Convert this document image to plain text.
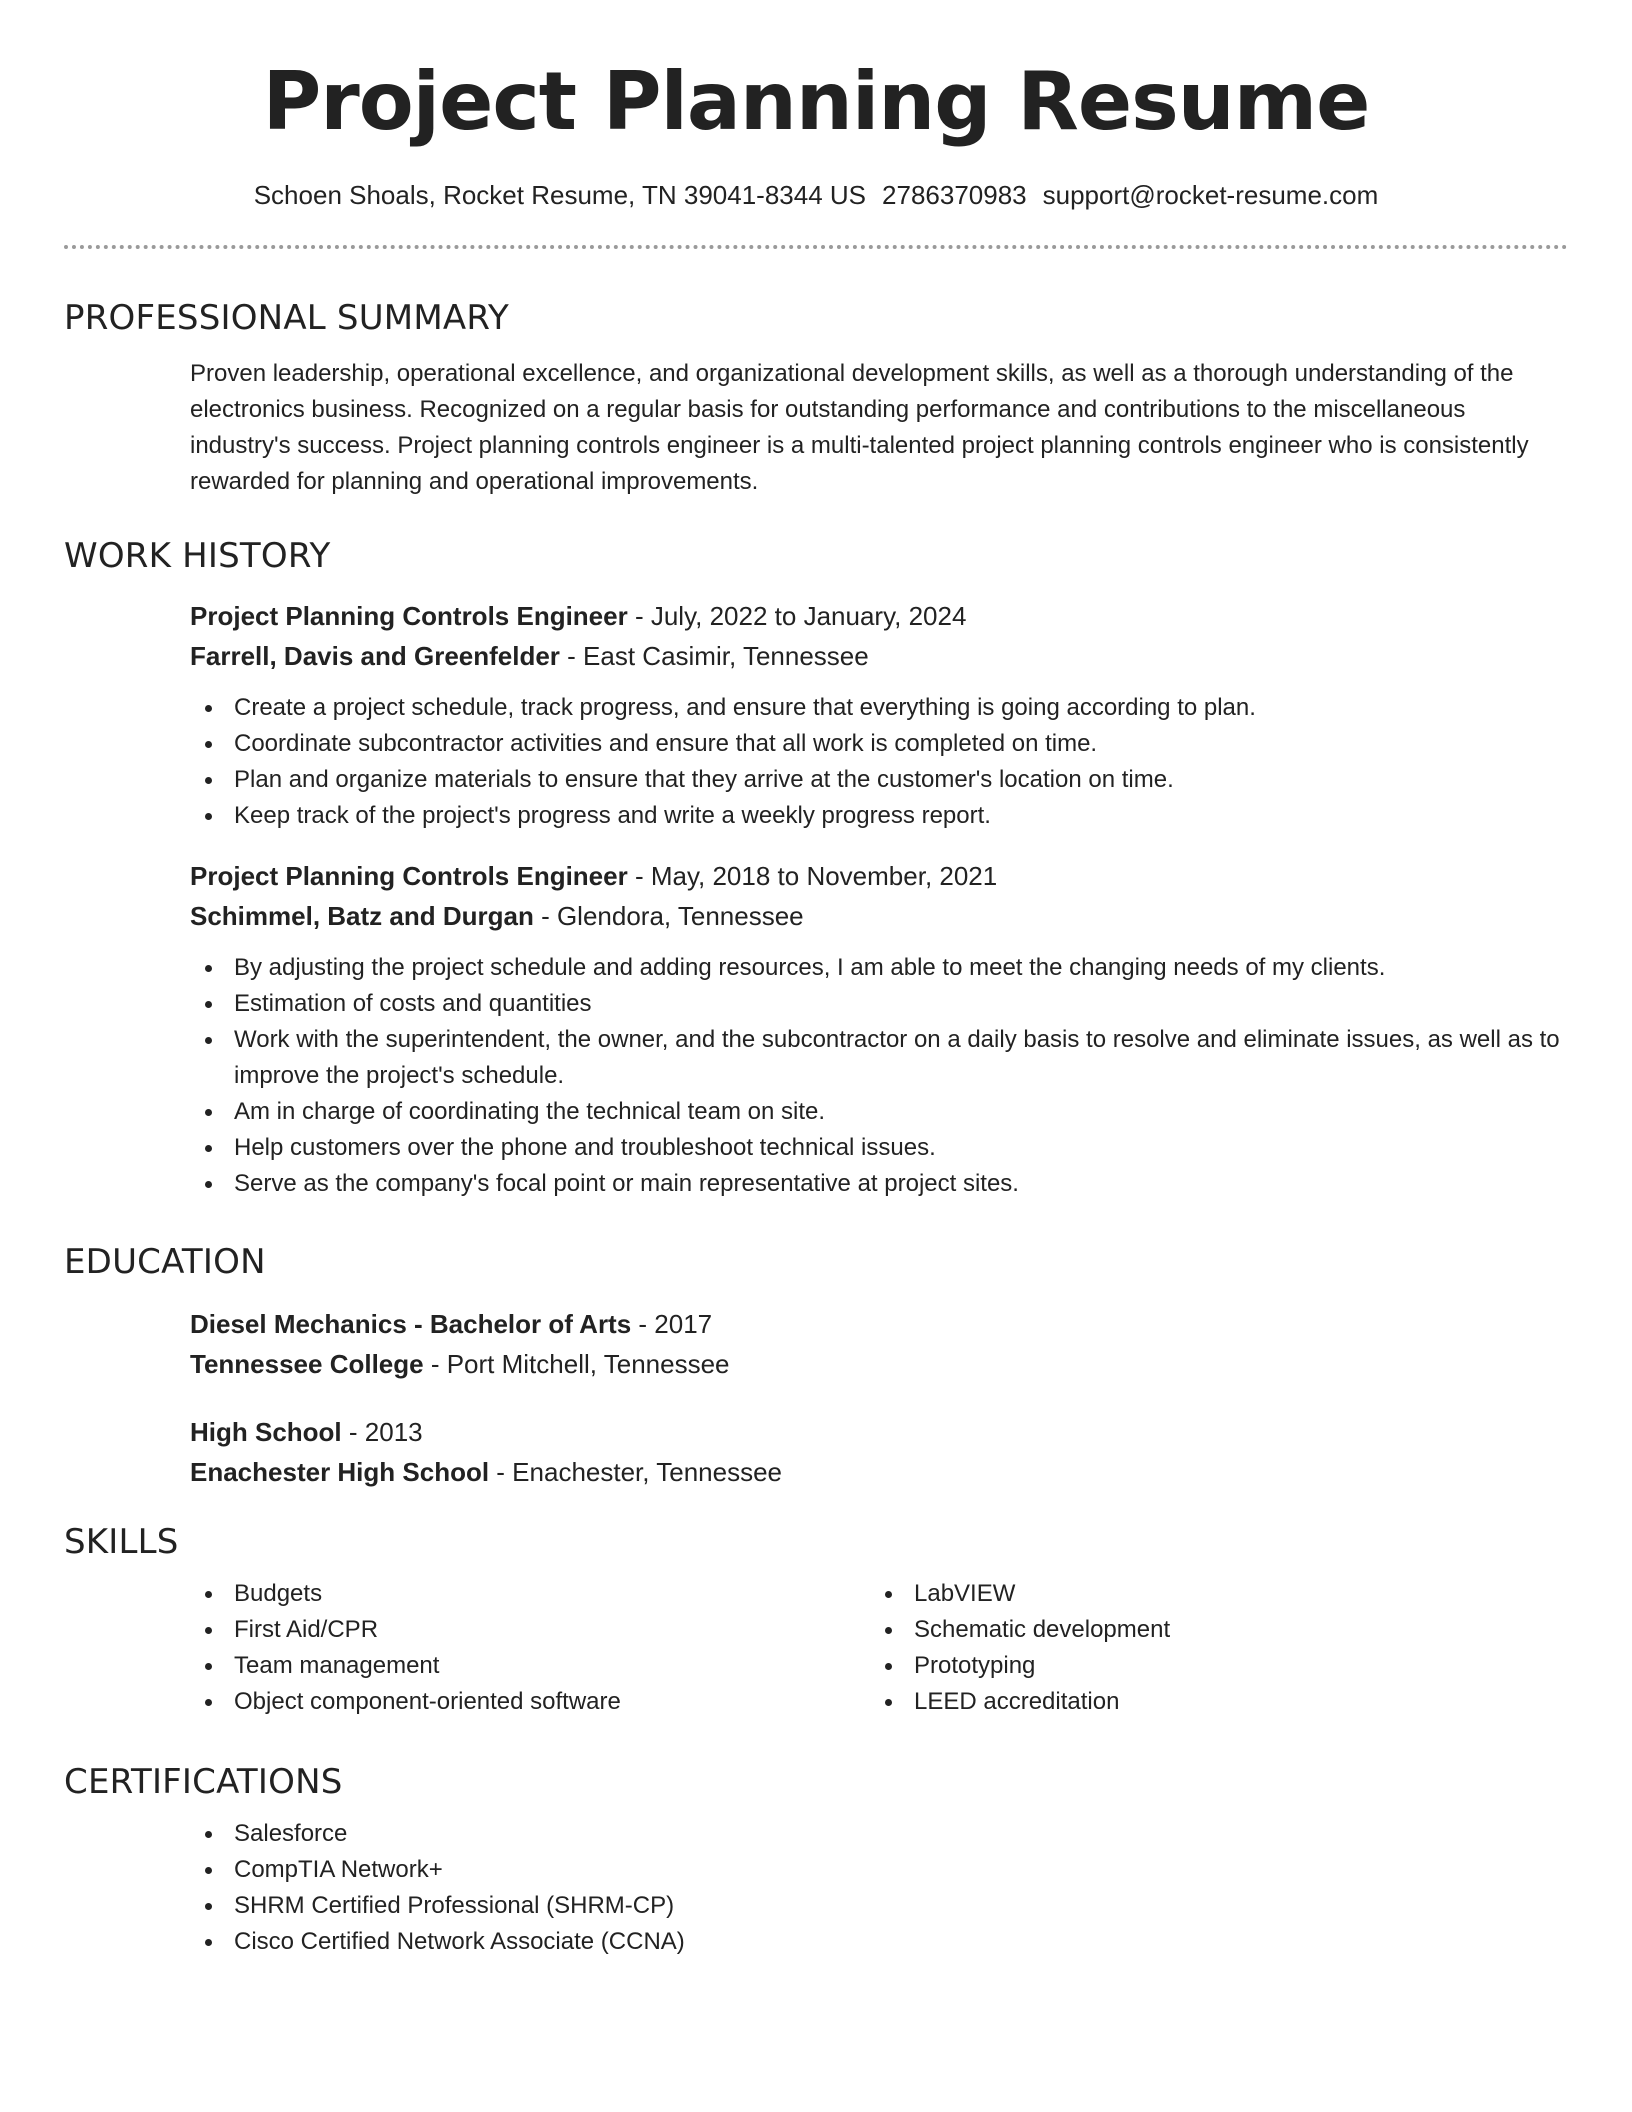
Project Planning Resume
Schoen Shoals, Rocket Resume, TN 39041-8344 US 2786370983 support@rocket-resume.com
PROFESSIONAL SUMMARY
Proven leadership, operational excellence, and organizational development skills, as well as a thorough understanding of the electronics business. Recognized on a regular basis for outstanding performance and contributions to the miscellaneous industry's success. Project planning controls engineer is a multi-talented project planning controls engineer who is consistently rewarded for planning and operational improvements.
WORK HISTORY
Project Planning Controls Engineer - July, 2022 to January, 2024
Farrell, Davis and Greenfelder - East Casimir, Tennessee
Create a project schedule, track progress, and ensure that everything is going according to plan.
Coordinate subcontractor activities and ensure that all work is completed on time.
Plan and organize materials to ensure that they arrive at the customer's location on time.
Keep track of the project's progress and write a weekly progress report.
Project Planning Controls Engineer - May, 2018 to November, 2021
Schimmel, Batz and Durgan - Glendora, Tennessee
By adjusting the project schedule and adding resources, I am able to meet the changing needs of my clients.
Estimation of costs and quantities
Work with the superintendent, the owner, and the subcontractor on a daily basis to resolve and eliminate issues, as well as to improve the project's schedule.
Am in charge of coordinating the technical team on site.
Help customers over the phone and troubleshoot technical issues.
Serve as the company's focal point or main representative at project sites.
EDUCATION
Diesel Mechanics - Bachelor of Arts - 2017
Tennessee College - Port Mitchell, Tennessee
High School - 2013
Enachester High School - Enachester, Tennessee
SKILLS
Budgets
First Aid/CPR
Team management
Object component-oriented software
LabVIEW
Schematic development
Prototyping
LEED accreditation
CERTIFICATIONS
Salesforce
CompTIA Network+
SHRM Certified Professional (SHRM-CP)
Cisco Certified Network Associate (CCNA)
